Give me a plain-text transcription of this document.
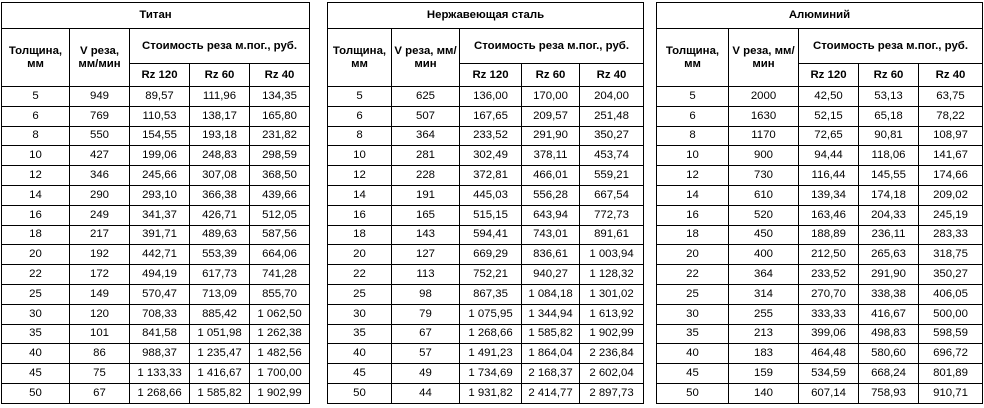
Титан				
Толщина, мм	V реза, мм/мин	Стоимость реза м.пог., руб.		
		Rz 120	Rz 60	Rz 40
5	949	89,57	111,96	134,35
6	769	110,53	138,17	165,80
8	550	154,55	193,18	231,82
10	427	199,06	248,83	298,59
12	346	245,66	307,08	368,50
14	290	293,10	366,38	439,66
16	249	341,37	426,71	512,05
18	217	391,71	489,63	587,56
20	192	442,71	553,39	664,06
22	172	494,19	617,73	741,28
25	149	570,47	713,09	855,70
30	120	708,33	885,42	1 062,50
35	101	841,58	1 051,98	1 262,38
40	86	988,37	1 235,47	1 482,56
45	75	1 133,33	1 416,67	1 700,00
50	67	1 268,66	1 585,82	1 902,99
Нержавеющая сталь				
Толщина, мм	V реза, мм/мин	Стоимость реза м.пог., руб.		
		Rz 120	Rz 60	Rz 40
5	625	136,00	170,00	204,00
6	507	167,65	209,57	251,48
8	364	233,52	291,90	350,27
10	281	302,49	378,11	453,74
12	228	372,81	466,01	559,21
14	191	445,03	556,28	667,54
16	165	515,15	643,94	772,73
18	143	594,41	743,01	891,61
20	127	669,29	836,61	1 003,94
22	113	752,21	940,27	1 128,32
25	98	867,35	1 084,18	1 301,02
30	79	1 075,95	1 344,94	1 613,92
35	67	1 268,66	1 585,82	1 902,99
40	57	1 491,23	1 864,04	2 236,84
45	49	1 734,69	2 168,37	2 602,04
50	44	1 931,82	2 414,77	2 897,73
Алюминий				
Толщина, мм	V реза, мм/мин	Стоимость реза м.пог., руб.		
		Rz 120	Rz 60	Rz 40
5	2000	42,50	53,13	63,75
6	1630	52,15	65,18	78,22
8	1170	72,65	90,81	108,97
10	900	94,44	118,06	141,67
12	730	116,44	145,55	174,66
14	610	139,34	174,18	209,02
16	520	163,46	204,33	245,19
18	450	188,89	236,11	283,33
20	400	212,50	265,63	318,75
22	364	233,52	291,90	350,27
25	314	270,70	338,38	406,05
30	255	333,33	416,67	500,00
35	213	399,06	498,83	598,59
40	183	464,48	580,60	696,72
45	159	534,59	668,24	801,89
50	140	607,14	758,93	910,71
